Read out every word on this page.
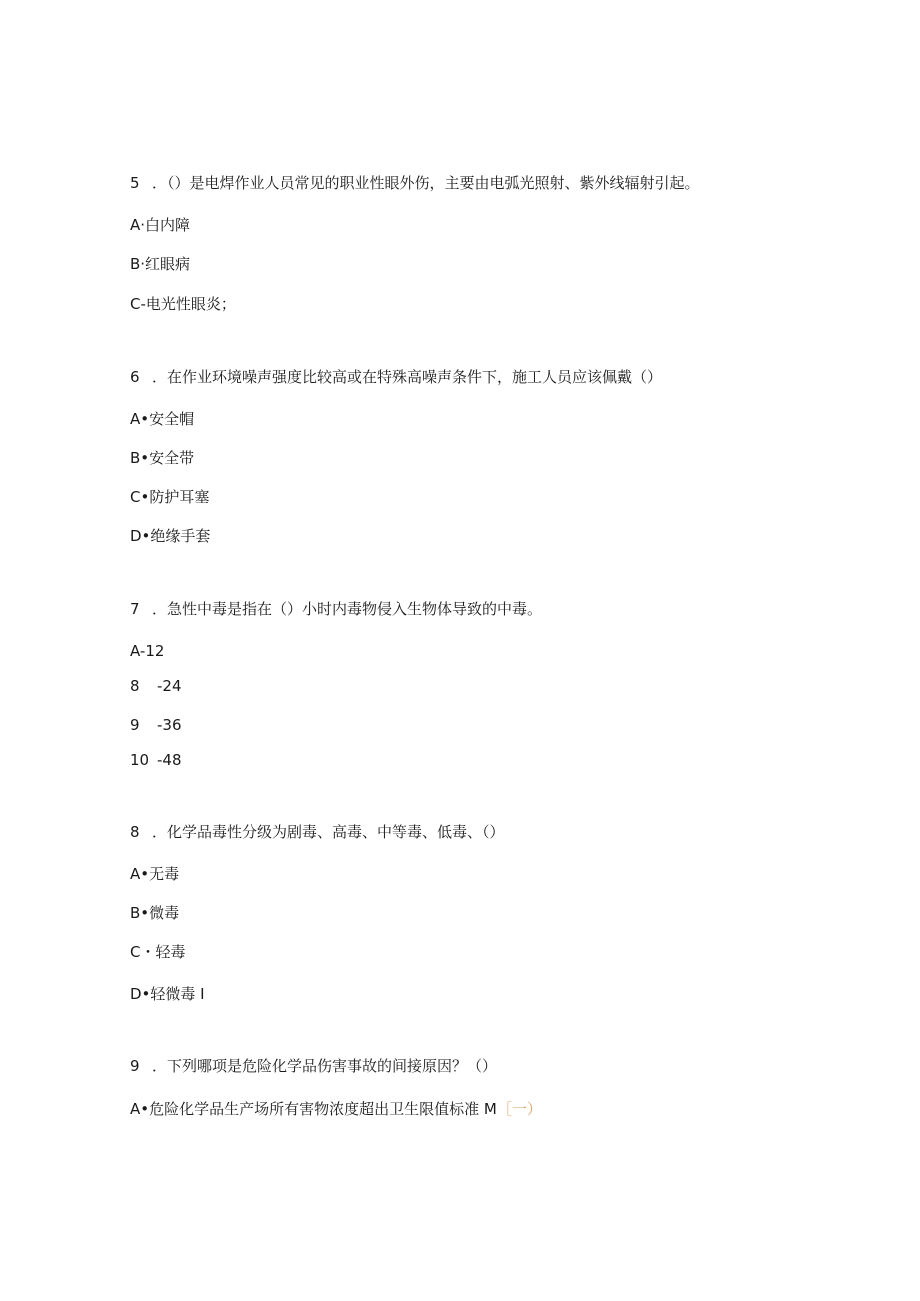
5 ．（）是电焊作业人员常见的职业性眼外伤，主要由电弧光照射、紫外线辐射引起。
A·白内障
B·红眼病
C-电光性眼炎；
6 ．在作业环境噪声强度比较高或在特殊高噪声条件下，施工人员应该佩戴（）
A•安全帽
B•安全带
C•防护耳塞
D•绝缘手套
7 ．急性中毒是指在（）小时内毒物侵入生物体导致的中毒。
A-12
8 -24
9 -36
10 -48
8 ．化学品毒性分级为剧毒、高毒、中等毒、低毒、（）
A•无毒
B•微毒
C・轻毒
D•轻微毒 I
9 ．下列哪项是危险化学品伤害事故的间接原因？（）
A•危险化学品生产场所有害物浓度超出卫生限值标准 M［一）
